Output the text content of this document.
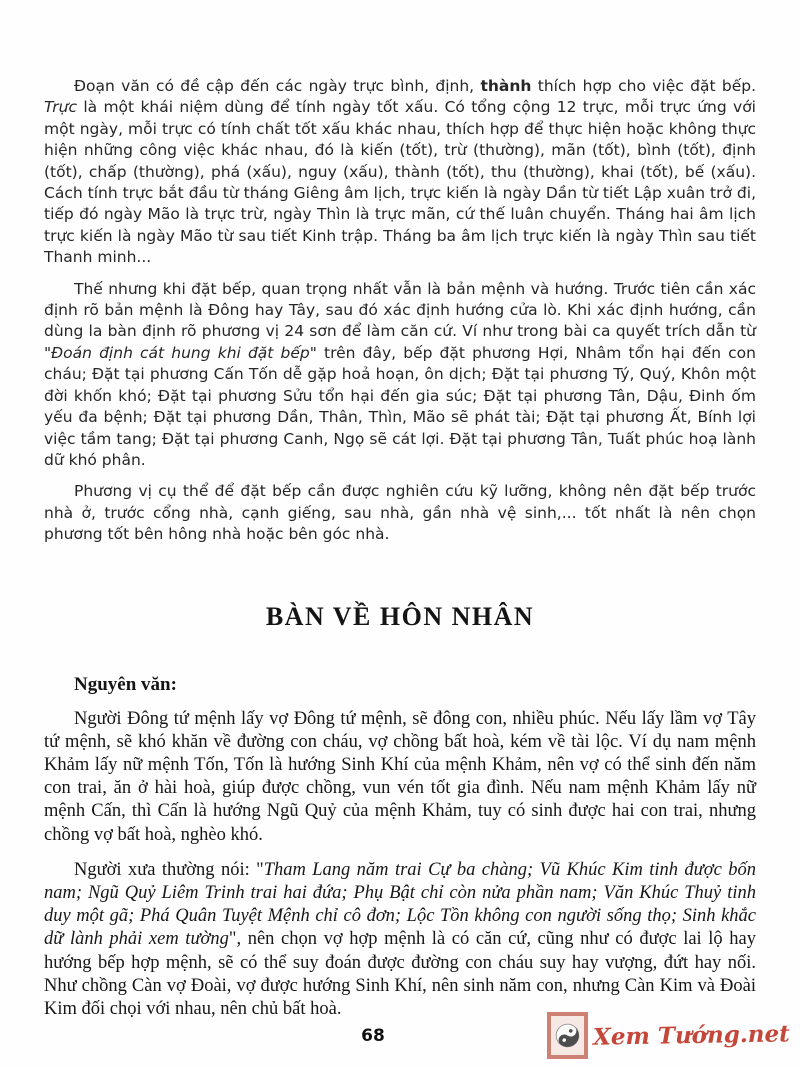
Đoạn văn có đề cập đến các ngày trực bình, định, thành thích hợp cho việc đặt bếp. Trực là một khái niệm dùng để tính ngày tốt xấu. Có tổng cộng 12 trực, mỗi trực ứng với một ngày, mỗi trực có tính chất tốt xấu khác nhau, thích hợp để thực hiện hoặc không thực hiện những công việc khác nhau, đó là kiến (tốt), trừ (thường), mãn (tốt), bình (tốt), định (tốt), chấp (thường), phá (xấu), nguy (xấu), thành (tốt), thu (thường), khai (tốt), bế (xấu). Cách tính trực bắt đầu từ tháng Giêng âm lịch, trực kiến là ngày Dần từ tiết Lập xuân trở đi, tiếp đó ngày Mão là trực trừ, ngày Thìn là trực mãn, cứ thế luân chuyển. Tháng hai âm lịch trực kiến là ngày Mão từ sau tiết Kinh trập. Tháng ba âm lịch trực kiến là ngày Thìn sau tiết Thanh minh...

Thế nhưng khi đặt bếp, quan trọng nhất vẫn là bản mệnh và hướng. Trước tiên cần xác định rõ bản mệnh là Đông hay Tây, sau đó xác định hướng cửa lò. Khi xác định hướng, cần dùng la bàn định rõ phương vị 24 sơn để làm căn cứ. Ví như trong bài ca quyết trích dẫn từ "Đoán định cát hung khi đặt bếp" trên đây, bếp đặt phương Hợi, Nhâm tổn hại đến con cháu; Đặt tại phương Cấn Tốn dễ gặp hoả hoạn, ôn dịch; Đặt tại phương Tý, Quý, Khôn một đời khốn khó; Đặt tại phương Sửu tổn hại đến gia súc; Đặt tại phương Tân, Dậu, Đinh ốm yếu đa bệnh; Đặt tại phương Dần, Thân, Thìn, Mão sẽ phát tài; Đặt tại phương Ất, Bính lợi việc tầm tang; Đặt tại phương Canh, Ngọ sẽ cát lợi. Đặt tại phương Tân, Tuất phúc hoạ lành dữ khó phân.

Phương vị cụ thể để đặt bếp cần được nghiên cứu kỹ lưỡng, không nên đặt bếp trước nhà ở, trước cổng nhà, cạnh giếng, sau nhà, gần nhà vệ sinh,... tốt nhất là nên chọn phương tốt bên hông nhà hoặc bên góc nhà.

BÀN VỀ HÔN NHÂN
Nguyên văn:

Người Đông tứ mệnh lấy vợ Đông tứ mệnh, sẽ đông con, nhiều phúc. Nếu lấy lầm vợ Tây tứ mệnh, sẽ khó khăn về đường con cháu, vợ chồng bất hoà, kém về tài lộc. Ví dụ nam mệnh Khảm lấy nữ mệnh Tốn, Tốn là hướng Sinh Khí của mệnh Khảm, nên vợ có thể sinh đến năm con trai, ăn ở hài hoà, giúp được chồng, vun vén tốt gia đình. Nếu nam mệnh Khảm lấy nữ mệnh Cấn, thì Cấn là hướng Ngũ Quỷ của mệnh Khảm, tuy có sinh được hai con trai, nhưng chồng vợ bất hoà, nghèo khó.

Người xưa thường nói: "Tham Lang năm trai Cự ba chàng; Vũ Khúc Kim tinh được bốn nam; Ngũ Quỷ Liêm Trinh trai hai đứa; Phụ Bật chỉ còn nửa phần nam; Văn Khúc Thuỷ tinh duy một gã; Phá Quân Tuyệt Mệnh chỉ cô đơn; Lộc Tồn không con người sống thọ; Sinh khắc dữ lành phải xem tường", nên chọn vợ hợp mệnh là có căn cứ, cũng như có được lai lộ hay hướng bếp hợp mệnh, sẽ có thể suy đoán được đường con cháu suy hay vượng, đứt hay nối. Như chồng Càn vợ Đoài, vợ được hướng Sinh Khí, nên sinh năm con, nhưng Càn Kim và Đoài Kim đối chọi với nhau, nên chủ bất hoà.

68	Xem Tướng.net
